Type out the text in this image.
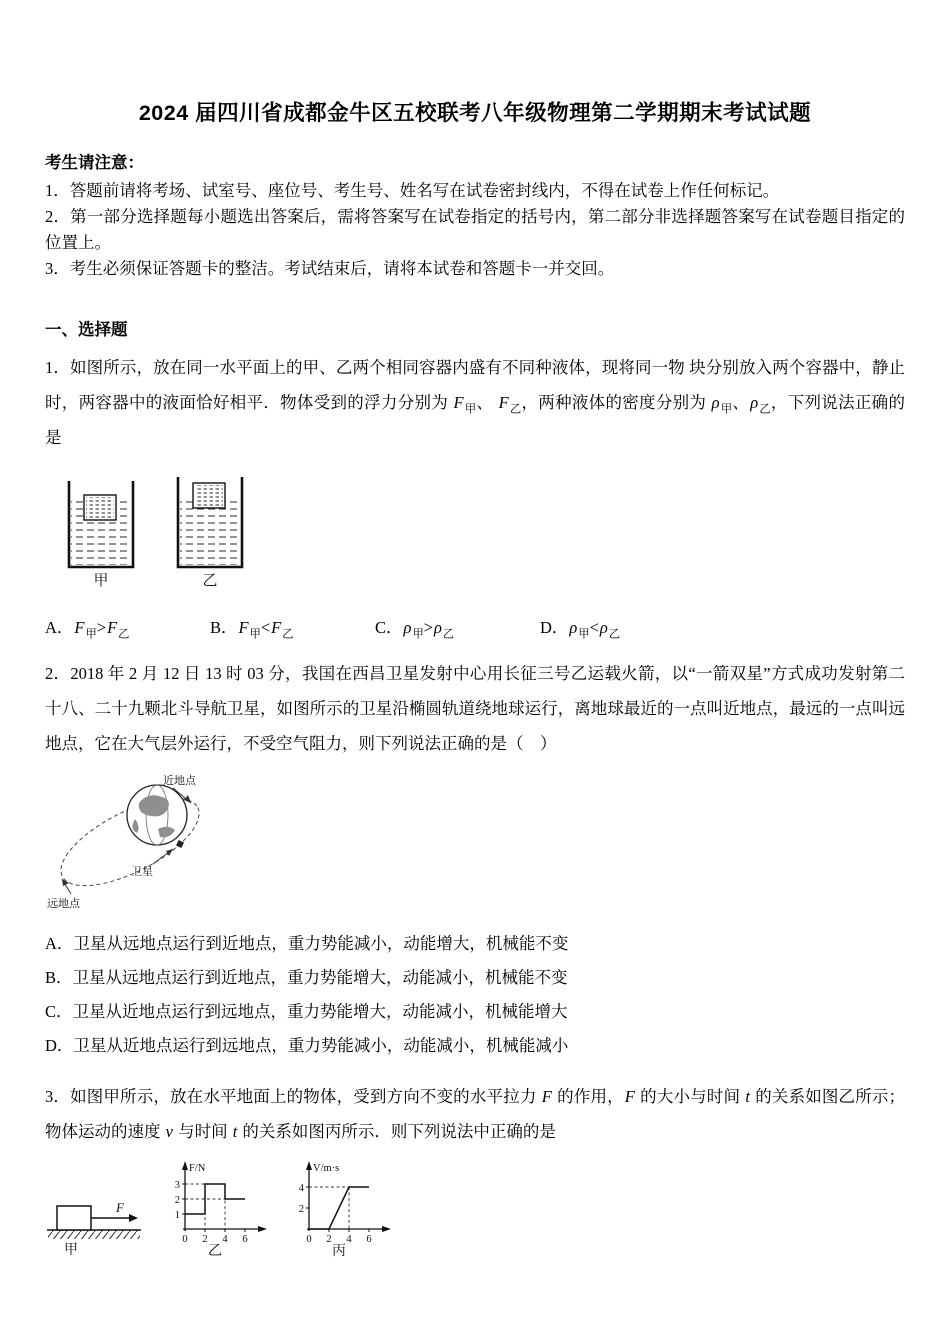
2024 届四川省成都金牛区五校联考八年级物理第二学期期末考试试题

考生请注意：

1．答题前请将考场、试室号、座位号、考生号、姓名写在试卷密封线内，不得在试卷上作任何标记。

2．第一部分选择题每小题选出答案后，需将答案写在试卷指定的括号内，第二部分非选择题答案写在试卷题目指定的位置上。

3．考生必须保证答题卡的整洁。考试结束后，请将本试卷和答题卡一并交回。

一、选择题

1．如图所示，放在同一水平面上的甲、乙两个相同容器内盛有不同种液体，现将同一物 块分别放入两个容器中，静止时，两容器中的液面恰好相平．物体受到的浮力分别为 $F_甲$、 $F_乙$，两种液体的密度分别为 $\rho_甲$、$\rho_乙$，下列说法正确的是

甲	乙
A．$F_甲>F_乙$	B．$F_甲<F_乙$	C．$\rho_甲>\rho_乙$	D．$\rho_甲<\rho_乙$

2．2018 年 2 月 12 日 13 时 03 分，我国在西昌卫星发射中心用长征三号乙运载火箭，以“一箭双星”方式成功发射第二十八、二十九颗北斗导航卫星，如图所示的卫星沿椭圆轨道绕地球运行，离地球最近的一点叫近地点，最远的一点叫远地点，它在大气层外运行，不受空气阻力，则下列说法正确的是（　）

近地点
卫星
远地点

A．卫星从远地点运行到近地点，重力势能减小，动能增大，机械能不变

B．卫星从远地点运行到近地点，重力势能增大，动能减小，机械能不变

C．卫星从近地点运行到远地点，重力势能增大，动能减小，机械能增大

D．卫星从近地点运行到远地点，重力势能减小，动能减小，机械能减小

3．如图甲所示，放在水平地面上的物体，受到方向不变的水平拉力 F 的作用，F 的大小与时间 t 的关系如图乙所示；物体运动的速度 v 与时间 t 的关系如图丙所示．则下列说法中正确的是

F
甲
F/N
3
2
1
0 2 4 6
乙
V/m·s
4
2
0 2 4 6
丙
